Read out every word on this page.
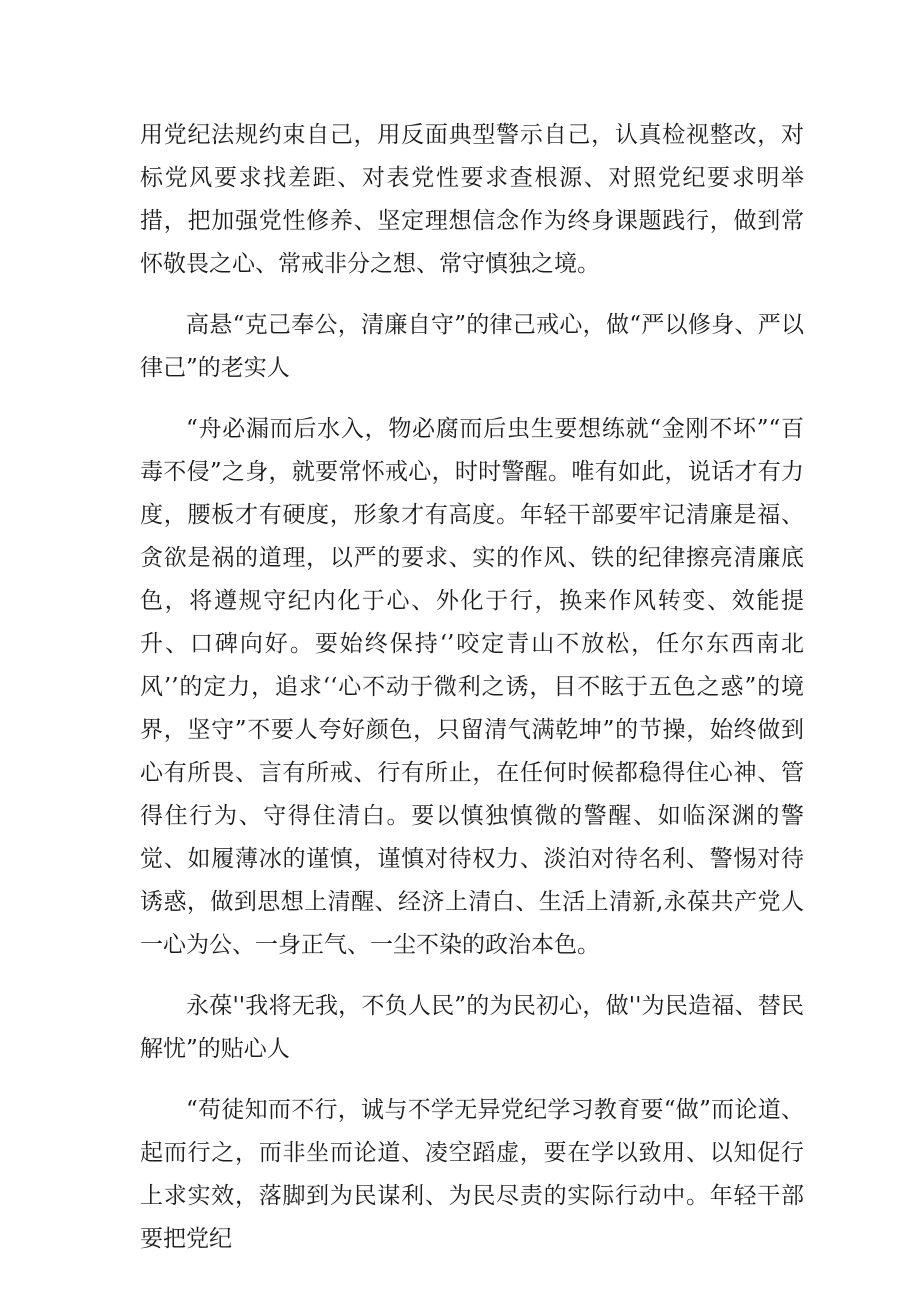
用党纪法规约束自己，用反面典型警示自己，认真检视整改，对标党风要求找差距、对表党性要求查根源、对照党纪要求明举措，把加强党性修养、坚定理想信念作为终身课题践行，做到常怀敬畏之心、常戒非分之想、常守慎独之境。

高悬“克己奉公，清廉自守”的律己戒心，做“严以修身、严以律己”的老实人

“舟必漏而后水入，物必腐而后虫生要想练就“金刚不坏”“百毒不侵”之身，就要常怀戒心，时时警醒。唯有如此，说话才有力度，腰板才有硬度，形象才有高度。年轻干部要牢记清廉是福、贪欲是祸的道理，以严的要求、实的作风、铁的纪律擦亮清廉底色，将遵规守纪内化于心、外化于行，换来作风转变、效能提升、口碑向好。要始终保持‘’咬定青山不放松，任尔东西南北风’’的定力，追求‘‘心不动于微利之诱，目不眩于五色之惑”的境界，坚守”不要人夸好颜色，只留清气满乾坤”的节操，始终做到心有所畏、言有所戒、行有所止，在任何时候都稳得住心神、管得住行为、守得住清白。要以慎独慎微的警醒、如临深渊的警觉、如履薄冰的谨慎，谨慎对待权力、淡泊对待名利、警惕对待诱惑，做到思想上清醒、经济上清白、生活上清新,永葆共产党人一心为公、一身正气、一尘不染的政治本色。

永葆''我将无我，不负人民”的为民初心，做''为民造福、替民解忧”的贴心人

“苟徒知而不行，诚与不学无异党纪学习教育要“做”而论道、起而行之，而非坐而论道、凌空蹈虚，要在学以致用、以知促行上求实效，落脚到为民谋利、为民尽责的实际行动中。年轻干部要把党纪
